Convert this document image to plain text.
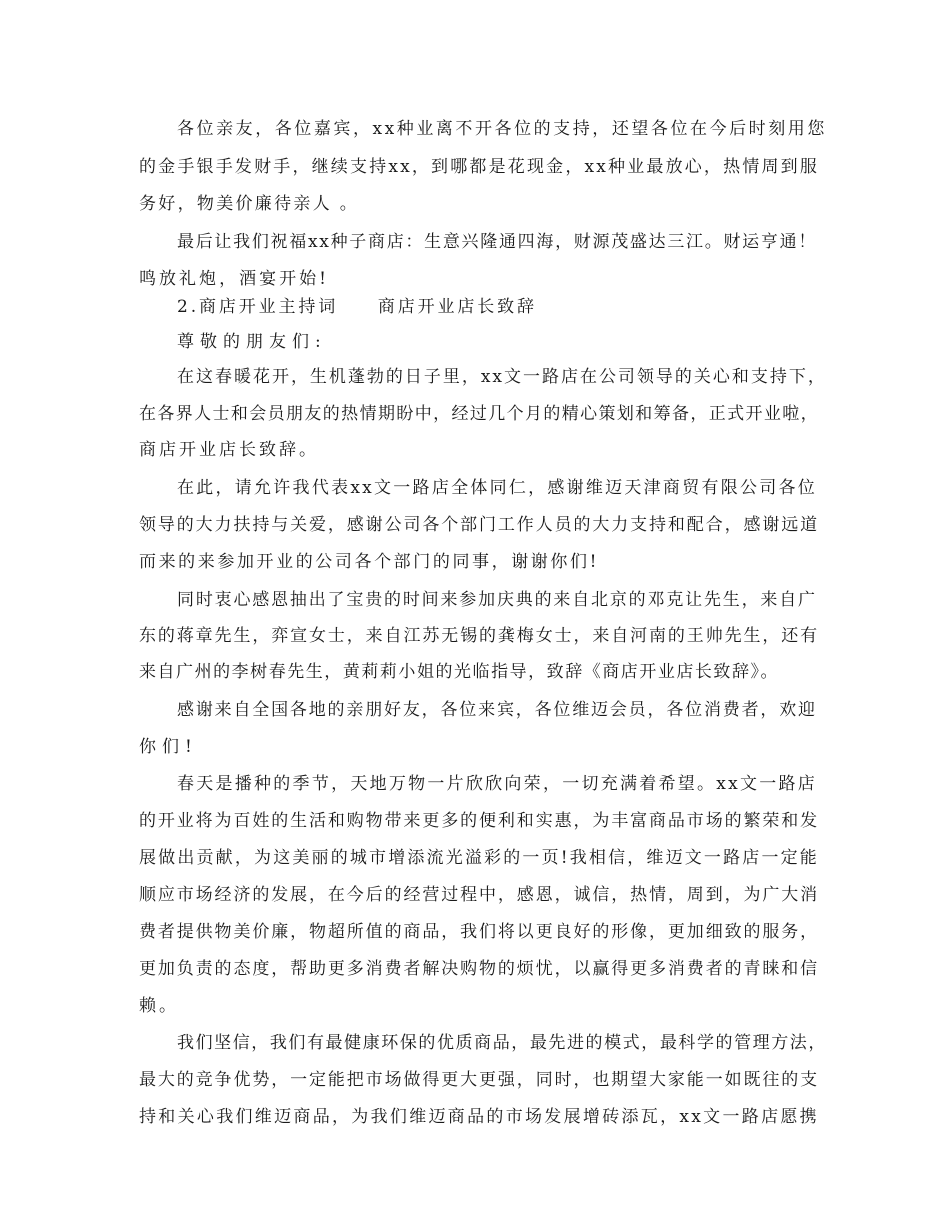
各位亲友，各位嘉宾，xx种业离不开各位的支持，还望各位在今后时刻用您
的金手银手发财手，继续支持xx，到哪都是花现金，xx种业最放心，热情周到服
务好，物美价廉待亲人 。
最后让我们祝福xx种子商店：生意兴隆通四海，财源茂盛达三江。财运亨通！
鸣放礼炮，酒宴开始!
2.商店开业主持词　　商店开业店长致辞
尊敬的朋友们:
在这春暖花开，生机蓬勃的日子里，xx文一路店在公司领导的关心和支持下，
在各界人士和会员朋友的热情期盼中，经过几个月的精心策划和筹备，正式开业啦，
商店开业店长致辞。
在此，请允许我代表xx文一路店全体同仁，感谢维迈天津商贸有限公司各位
领导的大力扶持与关爱，感谢公司各个部门工作人员的大力支持和配合，感谢远道
而来的来参加开业的公司各个部门的同事，谢谢你们!
同时衷心感恩抽出了宝贵的时间来参加庆典的来自北京的邓克让先生，来自广
东的蒋章先生，弈宣女士，来自江苏无锡的龚梅女士，来自河南的王帅先生，还有
来自广州的李树春先生，黄莉莉小姐的光临指导，致辞《商店开业店长致辞》。
感谢来自全国各地的亲朋好友，各位来宾，各位维迈会员，各位消费者，欢迎
你们!
春天是播种的季节，天地万物一片欣欣向荣，一切充满着希望。xx文一路店
的开业将为百姓的生活和购物带来更多的便利和实惠，为丰富商品市场的繁荣和发
展做出贡献，为这美丽的城市增添流光溢彩的一页!我相信，维迈文一路店一定能
顺应市场经济的发展，在今后的经营过程中，感恩，诚信，热情，周到，为广大消
费者提供物美价廉，物超所值的商品，我们将以更良好的形像，更加细致的服务，
更加负责的态度，帮助更多消费者解决购物的烦忧，以赢得更多消费者的青睐和信
赖。
我们坚信，我们有最健康环保的优质商品，最先进的模式，最科学的管理方法，
最大的竞争优势，一定能把市场做得更大更强，同时，也期望大家能一如既往的支
持和关心我们维迈商品，为我们维迈商品的市场发展增砖添瓦，xx文一路店愿携
